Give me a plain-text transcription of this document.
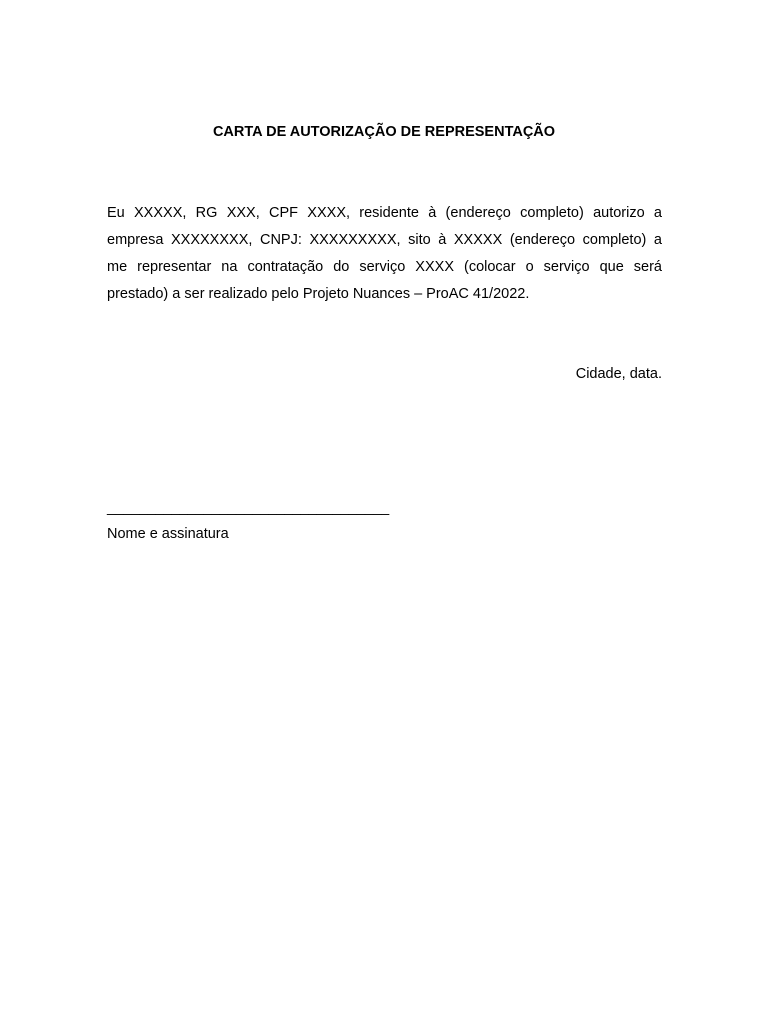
CARTA DE AUTORIZAÇÃO DE REPRESENTAÇÃO
Eu XXXXX, RG XXX, CPF XXXX, residente à (endereço completo) autorizo a
empresa XXXXXXXX, CNPJ: XXXXXXXXX, sito à XXXXX (endereço completo) a
me representar na contratação do serviço XXXX (colocar o serviço que será
prestado) a ser realizado pelo Projeto Nuances – ProAC 41/2022.
Cidade, data.
___________________________________
Nome e assinatura
